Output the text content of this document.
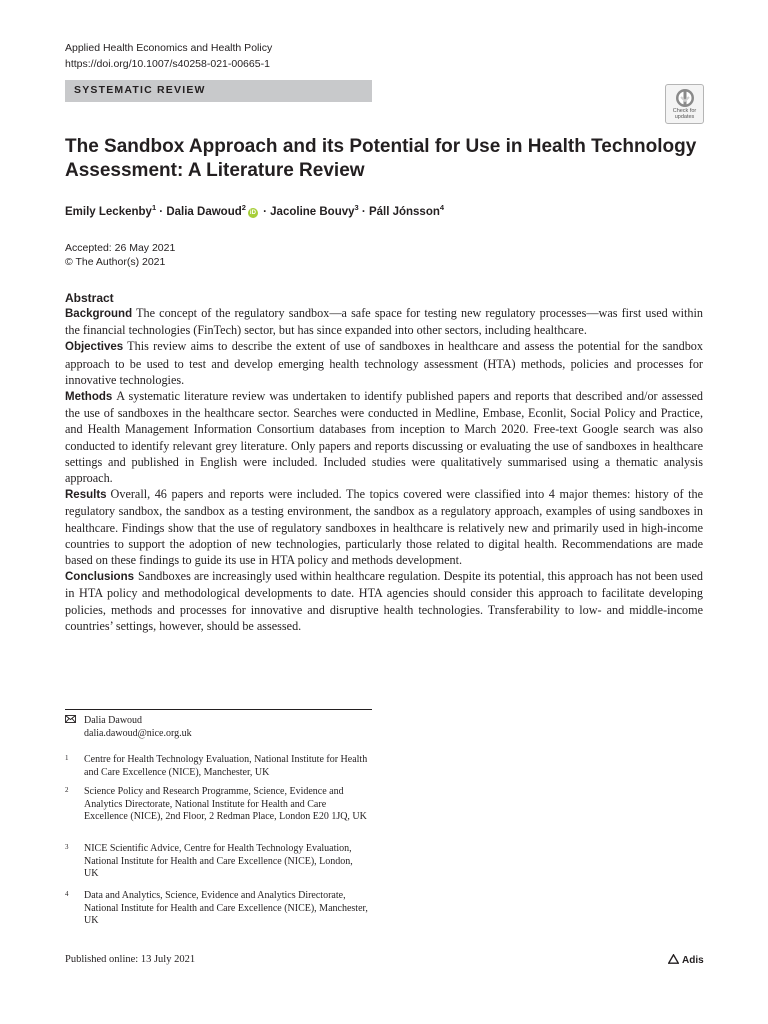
Applied Health Economics and Health Policy
https://doi.org/10.1007/s40258-021-00665-1
SYSTEMATIC REVIEW
Check for
updates
The Sandbox Approach and its Potential for Use in Health Technology Assessment: A Literature Review
Emily Leckenby$^1$ · Dalia Dawoud$^2$iD · Jacoline Bouvy$^3$ · Páll Jónsson$^4$
Accepted: 26 May 2021
© The Author(s) 2021
Abstract

Background The concept of the regulatory sandbox—a safe space for testing new regulatory processes—was first used within the financial technologies (FinTech) sector, but has since expanded into other sectors, including healthcare.

Objectives This review aims to describe the extent of use of sandboxes in healthcare and assess the potential for the sandbox approach to be used to test and develop emerging health technology assessment (HTA) methods, policies and processes for innovative technologies.

Methods A systematic literature review was undertaken to identify published papers and reports that described and/or assessed the use of sandboxes in the healthcare sector. Searches were conducted in Medline, Embase, Econlit, Social Policy and Practice, and Health Management Information Consortium databases from inception to March 2020. Free-text Google search was also conducted to identify relevant grey literature. Only papers and reports discussing or evaluating the use of sandboxes in healthcare settings and published in English were included. Included studies were qualitatively summarised using a thematic analysis approach.

Results Overall, 46 papers and reports were included. The topics covered were classified into 4 major themes: history of the regulatory sandbox, the sandbox as a testing environment, the sandbox as a regulatory approach, examples of using sandboxes in healthcare. Findings show that the use of regulatory sandboxes in healthcare is relatively new and primarily used in high-income countries to support the adoption of new technologies, particularly those related to digital health. Recommendations are made based on these findings to guide its use in HTA policy and methods development.

Conclusions Sandboxes are increasingly used within healthcare regulation. Despite its potential, this approach has not been used in HTA policy and methodological developments to date. HTA agencies should consider this approach to facilitate developing policies, methods and processes for innovative and disruptive health technologies. Transferability to low- and middle-income countries’ settings, however, should be assessed.

Dalia Dawoud
dalia.dawoud@nice.org.uk
1 Centre for Health Technology Evaluation, National Institute for Health and Care Excellence (NICE), Manchester, UK
2 Science Policy and Research Programme, Science, Evidence and Analytics Directorate, National Institute for Health and Care Excellence (NICE), 2nd Floor, 2 Redman Place, London E20 1JQ, UK
3 NICE Scientific Advice, Centre for Health Technology Evaluation, National Institute for Health and Care Excellence (NICE), London, UK
4 Data and Analytics, Science, Evidence and Analytics Directorate, National Institute for Health and Care Excellence (NICE), Manchester, UK
Published online: 13 July 2021	Adis
